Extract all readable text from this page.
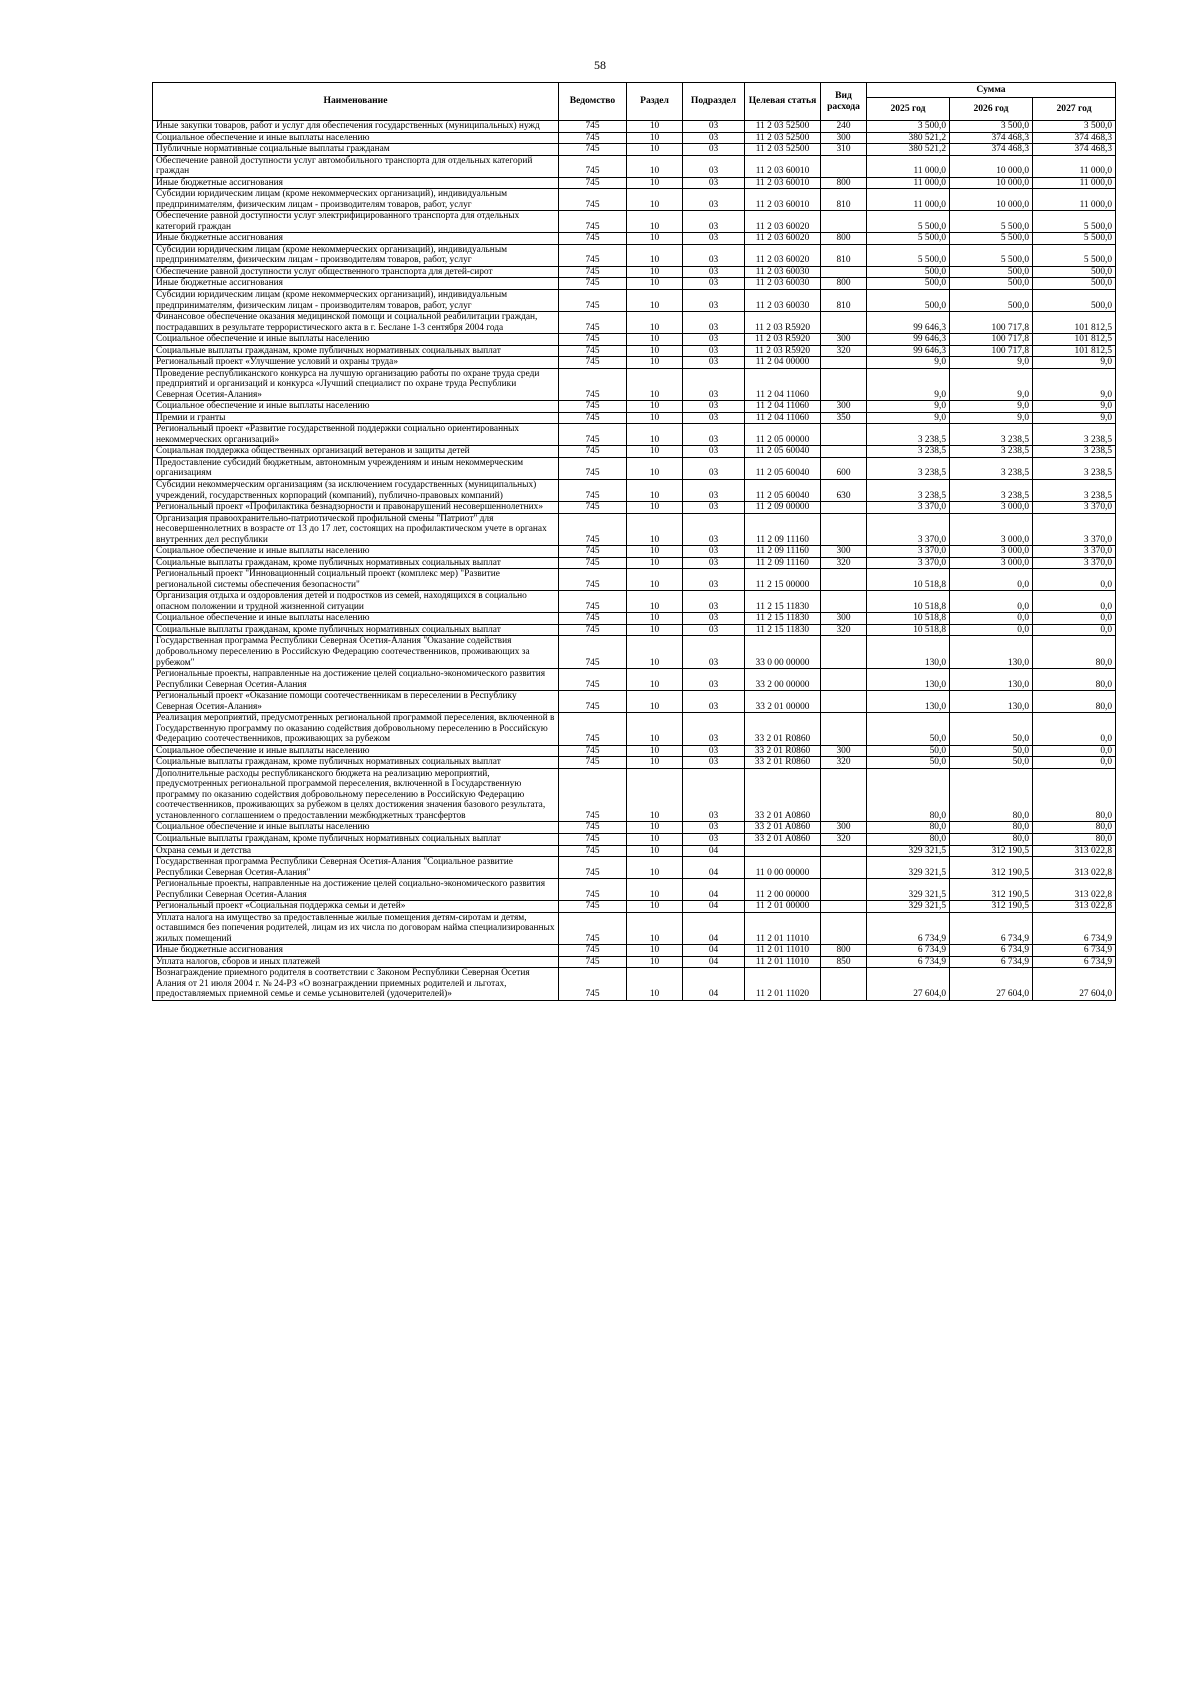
58
Наименование	Ведомство	Раздел	Подраздел	Целевая статья	Вид расхода	Сумма		
						2025 год	2026 год	2027 год
Иные закупки товаров, работ и услуг для обеспечения государственных (муниципальных) нужд	745	10	03	11 2 03 52500	240	3 500,0	3 500,0	3 500,0
Социальное обеспечение и иные выплаты населению	745	10	03	11 2 03 52500	300	380 521,2	374 468,3	374 468,3
Публичные нормативные социальные выплаты гражданам	745	10	03	11 2 03 52500	310	380 521,2	374 468,3	374 468,3
Обеспечение равной доступности услуг автомобильного транспорта для отдельных категорий граждан	745	10	03	11 2 03 60010		11 000,0	10 000,0	11 000,0
Иные бюджетные ассигнования	745	10	03	11 2 03 60010	800	11 000,0	10 000,0	11 000,0
Субсидии юридическим лицам (кроме некоммерческих организаций), индивидуальным предпринимателям, физическим лицам - производителям товаров, работ, услуг	745	10	03	11 2 03 60010	810	11 000,0	10 000,0	11 000,0
Обеспечение равной доступности услуг электрифицированного транспорта для отдельных категорий граждан	745	10	03	11 2 03 60020		5 500,0	5 500,0	5 500,0
Иные бюджетные ассигнования	745	10	03	11 2 03 60020	800	5 500,0	5 500,0	5 500,0
Субсидии юридическим лицам (кроме некоммерческих организаций), индивидуальным предпринимателям, физическим лицам - производителям товаров, работ, услуг	745	10	03	11 2 03 60020	810	5 500,0	5 500,0	5 500,0
Обеспечение равной доступности услуг общественного транспорта для детей-сирот	745	10	03	11 2 03 60030		500,0	500,0	500,0
Иные бюджетные ассигнования	745	10	03	11 2 03 60030	800	500,0	500,0	500,0
Субсидии юридическим лицам (кроме некоммерческих организаций), индивидуальным предпринимателям, физическим лицам - производителям товаров, работ, услуг	745	10	03	11 2 03 60030	810	500,0	500,0	500,0
Финансовое обеспечение оказания медицинской помощи и социальной реабилитации граждан, пострадавших в результате террористического акта в г. Беслане 1-3 сентября 2004 года	745	10	03	11 2 03 R5920		99 646,3	100 717,8	101 812,5
Социальное обеспечение и иные выплаты населению	745	10	03	11 2 03 R5920	300	99 646,3	100 717,8	101 812,5
Социальные выплаты гражданам, кроме публичных нормативных социальных выплат	745	10	03	11 2 03 R5920	320	99 646,3	100 717,8	101 812,5
Региональный проект «Улучшение условий и охраны труда»	745	10	03	11 2 04 00000		9,0	9,0	9,0
Проведение республиканского конкурса на лучшую организацию работы по охране труда среди предприятий и организаций и конкурса «Лучший специалист по охране труда Республики Северная Осетия-Алания»	745	10	03	11 2 04 11060		9,0	9,0	9,0
Социальное обеспечение и иные выплаты населению	745	10	03	11 2 04 11060	300	9,0	9,0	9,0
Премии и гранты	745	10	03	11 2 04 11060	350	9,0	9,0	9,0
Региональный проект «Развитие государственной поддержки социально ориентированных некоммерческих организаций»	745	10	03	11 2 05 00000		3 238,5	3 238,5	3 238,5
Социальная поддержка общественных организаций ветеранов и защиты детей	745	10	03	11 2 05 60040		3 238,5	3 238,5	3 238,5
Предоставление субсидий бюджетным, автономным учреждениям и иным некоммерческим организациям	745	10	03	11 2 05 60040	600	3 238,5	3 238,5	3 238,5
Субсидии некоммерческим организациям (за исключением государственных (муниципальных) учреждений, государственных корпораций (компаний), публично-правовых компаний)	745	10	03	11 2 05 60040	630	3 238,5	3 238,5	3 238,5
Региональный проект «Профилактика безнадзорности и правонарушений несовершеннолетних»	745	10	03	11 2 09 00000		3 370,0	3 000,0	3 370,0
Организация правоохранительно-патриотической профильной смены "Патриот" для несовершеннолетних в возрасте от 13 до 17 лет, состоящих на профилактическом учете в органах внутренних дел республики	745	10	03	11 2 09 11160		3 370,0	3 000,0	3 370,0
Социальное обеспечение и иные выплаты населению	745	10	03	11 2 09 11160	300	3 370,0	3 000,0	3 370,0
Социальные выплаты гражданам, кроме публичных нормативных социальных выплат	745	10	03	11 2 09 11160	320	3 370,0	3 000,0	3 370,0
Региональный проект "Инновационный социальный проект (комплекс мер) "Развитие региональной системы обеспечения безопасности"	745	10	03	11 2 15 00000		10 518,8	0,0	0,0
Организация отдыха и оздоровления детей и подростков из семей, находящихся в социально опасном положении и трудной жизненной ситуации	745	10	03	11 2 15 11830		10 518,8	0,0	0,0
Социальное обеспечение и иные выплаты населению	745	10	03	11 2 15 11830	300	10 518,8	0,0	0,0
Социальные выплаты гражданам, кроме публичных нормативных социальных выплат	745	10	03	11 2 15 11830	320	10 518,8	0,0	0,0
Государственная программа Республики Северная Осетия-Алания "Оказание содействия добровольному переселению в Российскую Федерацию соотечественников, проживающих за рубежом"	745	10	03	33 0 00 00000		130,0	130,0	80,0
Региональные проекты, направленные на достижение целей социально-экономического развития Республики Северная Осетия-Алания	745	10	03	33 2 00 00000		130,0	130,0	80,0
Региональный проект «Оказание помощи соотечественникам в переселении в Республику Северная Осетия-Алания»	745	10	03	33 2 01 00000		130,0	130,0	80,0
Реализация мероприятий, предусмотренных региональной программой переселения, включенной в Государственную программу по оказанию содействия добровольному переселению в Российскую Федерацию соотечественников, проживающих за рубежом	745	10	03	33 2 01 R0860		50,0	50,0	0,0
Социальное обеспечение и иные выплаты населению	745	10	03	33 2 01 R0860	300	50,0	50,0	0,0
Социальные выплаты гражданам, кроме публичных нормативных социальных выплат	745	10	03	33 2 01 R0860	320	50,0	50,0	0,0
Дополнительные расходы республиканского бюджета на реализацию мероприятий, предусмотренных региональной программой переселения, включенной в Государственную программу по оказанию содействия добровольному переселению в Российскую Федерацию соотечественников, проживающих за рубежом в целях достижения значения базового результата, установленного соглашением о предоставлении межбюджетных трансфертов	745	10	03	33 2 01 A0860		80,0	80,0	80,0
Социальное обеспечение и иные выплаты населению	745	10	03	33 2 01 A0860	300	80,0	80,0	80,0
Социальные выплаты гражданам, кроме публичных нормативных социальных выплат	745	10	03	33 2 01 A0860	320	80,0	80,0	80,0
Охрана семьи и детства	745	10	04			329 321,5	312 190,5	313 022,8
Государственная программа Республики Северная Осетия-Алания "Социальное развитие Республики Северная Осетия-Алания"	745	10	04	11 0 00 00000		329 321,5	312 190,5	313 022,8
Региональные проекты, направленные на достижение целей социально-экономического развития Республики Северная Осетия-Алания	745	10	04	11 2 00 00000		329 321,5	312 190,5	313 022,8
Региональный проект «Социальная поддержка семьи и детей»	745	10	04	11 2 01 00000		329 321,5	312 190,5	313 022,8
Уплата налога на имущество за предоставленные жилые помещения детям-сиротам и детям, оставшимся без попечения родителей, лицам из их числа по договорам найма специализированных жилых помещений	745	10	04	11 2 01 11010		6 734,9	6 734,9	6 734,9
Иные бюджетные ассигнования	745	10	04	11 2 01 11010	800	6 734,9	6 734,9	6 734,9
Уплата налогов, сборов и иных платежей	745	10	04	11 2 01 11010	850	6 734,9	6 734,9	6 734,9
Вознаграждение приемного родителя в соответствии с Законом Республики Северная Осетия Алания от 21 июля 2004 г. № 24-РЗ «О вознаграждении приемных родителей и льготах, предоставляемых приемной семье и семье усыновителей (удочерителей)»	745	10	04	11 2 01 11020		27 604,0	27 604,0	27 604,0
